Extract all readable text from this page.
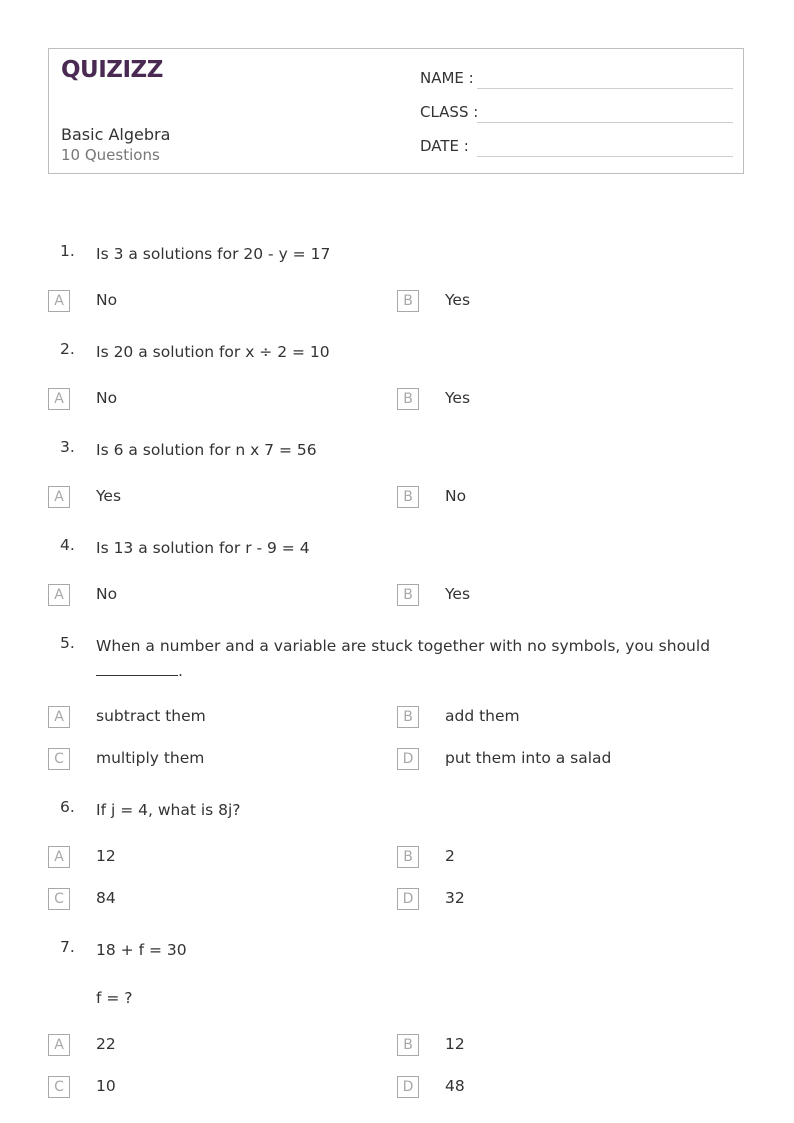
QUIZIZZ
Basic Algebra
10 Questions
NAME :
CLASS :
DATE :
1.	Is 3 a solutions for 20 - y = 17
A	No	B	Yes
2.	Is 20 a solution for x ÷ 2 = 10
A	No	B	Yes
3.	Is 6 a solution for n x 7 = 56
A	Yes	B	No
4.	Is 13 a solution for r - 9 = 4
A	No	B	Yes
5.	When a number and a variable are stuck together with no symbols, you should
.
A	subtract them	B	add them
C	multiply them	D	put them into a salad
6.	If j = 4, what is 8j?
A	12	B	2
C	84	D	32
7.	18 + f = 30
f = ?
A	22	B	12
C	10	D	48
